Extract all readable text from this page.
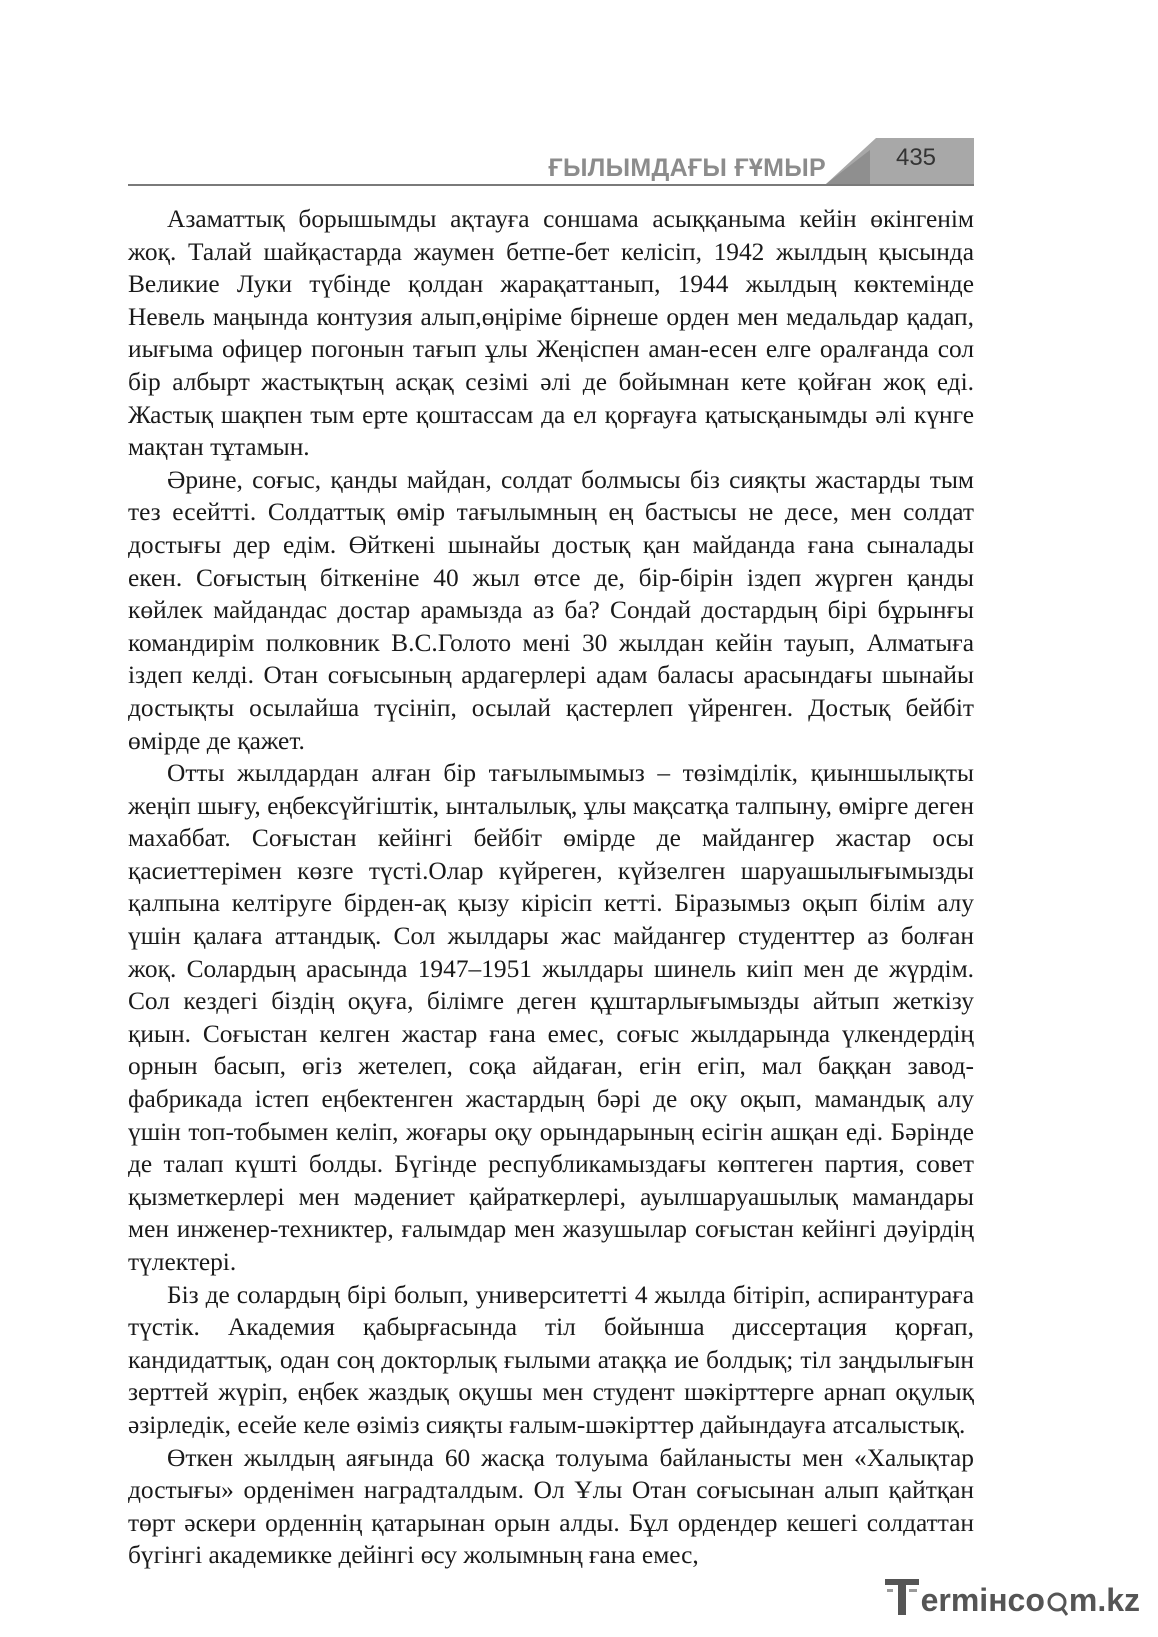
ҒЫЛЫМДАҒЫ ҒҰМЫР	435

Азаматтық борышымды ақтауға соншама асыққаныма кейін өкінгенім жоқ. Талай шайқастарда жаумен бетпе-бет келісіп, 1942 жылдың қысында Великие Луки түбінде қолдан жарақаттанып, 1944 жылдың көктемінде Невель маңында контузия алып,өңіріме бірнеше орден мен медальдар қадап, иығыма офицер погонын тағып ұлы Жеңіспен аман-есен елге оралғанда сол бір албырт жастықтың асқақ сезімі әлі де бойымнан кете қойған жоқ еді. Жастық шақпен тым ерте қоштассам да ел қорғауға қатысқанымды әлі күнге мақтан тұтамын.

Әрине, соғыс, қанды майдан, солдат болмысы біз сияқты жастарды тым тез есейтті. Солдаттық өмір тағылымның ең бастысы не десе, мен солдат достығы дер едім. Өйткені шынайы достық қан майданда ғана сыналады екен. Соғыстың біткеніне 40 жыл өтсе де, бір-бірін іздеп жүрген қанды көйлек майдандас достар арамызда аз ба? Сондай достардың бірі бұрынғы командирім полковник В.С.Голото мені 30 жылдан кейін тауып, Алматыға іздеп келді. Отан соғысының ардагерлері адам баласы арасындағы шынайы достықты осылайша түсініп, осылай қастерлеп үйренген. Достық бейбіт өмірде де қажет.

Отты жылдардан алған бір тағылымымыз – төзімділік, қиыншылықты жеңіп шығу, еңбексүйгіштік, ынталылық, ұлы мақсатқа талпыну, өмірге деген махаббат. Соғыстан кейінгі бейбіт өмірде де майдангер жастар осы қасиеттерімен көзге түсті.Олар күйреген, күйзелген шаруашылығымызды қалпына келтіруге бірден-ақ қызу кірісіп кетті. Біразымыз оқып білім алу үшін қалаға аттандық. Сол жылдары жас майдангер студенттер аз болған жоқ. Солардың арасында 1947–1951 жылдары шинель киіп мен де жүрдім. Сол кездегі біздің оқуға, білімге деген құштарлығымызды айтып жеткізу қиын. Соғыстан келген жастар ғана емес, соғыс жылдарында үлкендердің орнын басып, өгіз жетелеп, соқа айдаған, егін егіп, мал баққан завод-фабрикада істеп еңбектенген жастардың бәрі де оқу оқып, мамандық алу үшін топ-тобымен келіп, жоғары оқу орындарының есігін ашқан еді. Бәрінде де талап күшті болды. Бүгінде республикамыздағы көптеген партия, совет қызметкерлері мен мәдениет қайраткерлері, ауылшаруашылық мамандары мен инженер-техниктер, ғалымдар мен жазушылар соғыстан кейінгі дәуірдің түлектері.

Біз де солардың бірі болып, университетті 4 жылда бітіріп, аспирантураға түстік. Академия қабырғасында тіл бойынша диссертация қорғап, кандидаттық, одан соң докторлық ғылыми атаққа ие болдық; тіл заңдылығын зерттей жүріп, еңбек жаздық оқушы мен студент шәкірттерге арнап оқулық әзірледік, есейе келе өзіміз сияқты ғалым-шәкірттер дайындауға атсалыстық.

Өткен жылдың аяғында 60 жасқа толуыма байланысты мен «Халықтар достығы» орденімен наградталдым. Ол Ұлы Отан соғысынан алып қайтқан төрт әскери орденнің қатарынан орын алды. Бұл ордендер кешегі солдаттан бүгінгі академикке дейінгі өсу жолымның ғана емес,

ermінco m.kz
